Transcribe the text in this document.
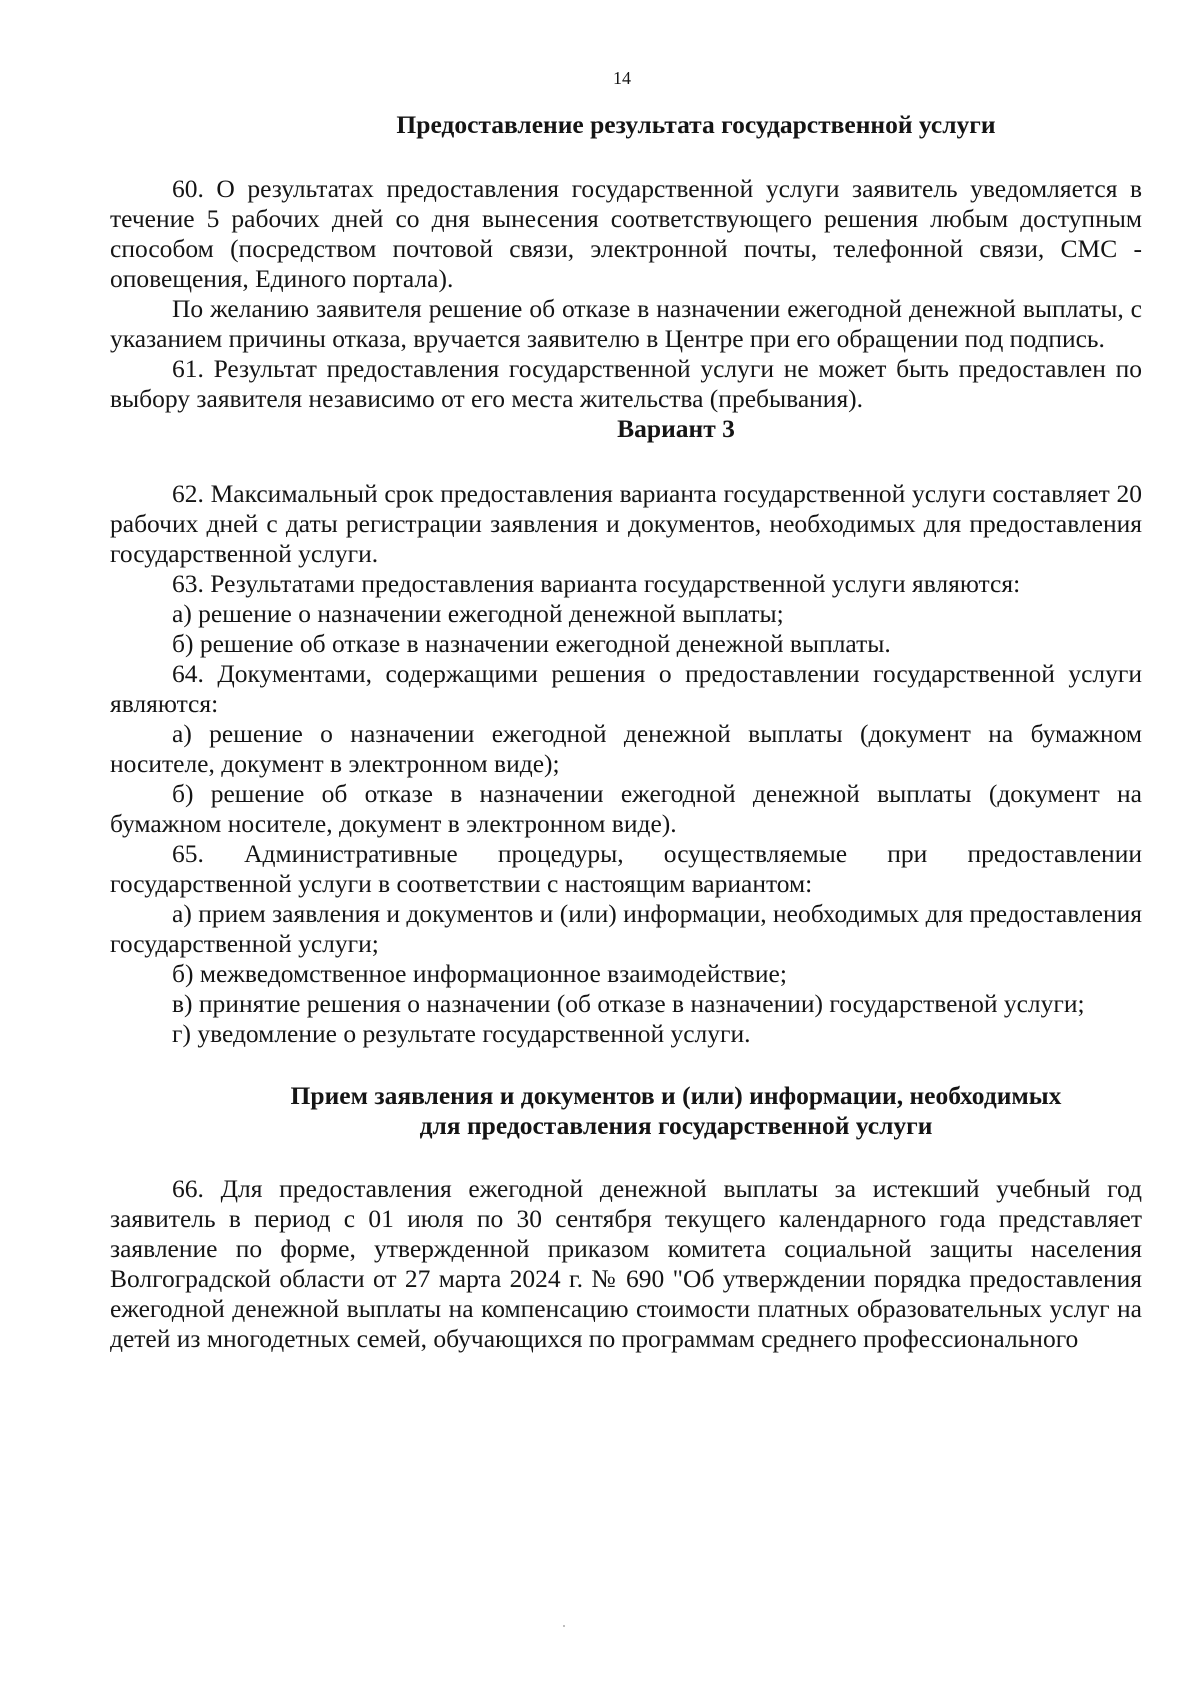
14
Предоставление результата государственной услуги

60. О результатах предоставления государственной услуги заявитель уведомляется в течение 5 рабочих дней со дня вынесения соответствующего решения любым доступным способом (посредством почтовой связи, электронной почты, телефонной связи, СМС - оповещения, Единого портала).

По желанию заявителя решение об отказе в назначении ежегодной денежной выплаты, с указанием причины отказа, вручается заявителю в Центре при его обращении под подпись.

61. Результат предоставления государственной услуги не может быть предоставлен по выбору заявителя независимо от его места жительства (пребывания).

Вариант 3

62. Максимальный срок предоставления варианта государственной услуги составляет 20 рабочих дней с даты регистрации заявления и документов, необходимых для предоставления государственной услуги.

63. Результатами предоставления варианта государственной услуги являются:

а) решение о назначении ежегодной денежной выплаты;

б) решение об отказе в назначении ежегодной денежной выплаты.

64. Документами, содержащими решения о предоставлении государственной услуги являются:

а) решение о назначении ежегодной денежной выплаты (документ на бумажном носителе, документ в электронном виде);

б) решение об отказе в назначении ежегодной денежной выплаты (документ на бумажном носителе, документ в электронном виде).

65. Административные процедуры, осуществляемые при предоставлении государственной услуги в соответствии с настоящим вариантом:

а) прием заявления и документов и (или) информации, необходимых для предоставления государственной услуги;

б) межведомственное информационное взаимодействие;

в) принятие решения о назначении (об отказе в назначении) государственой услуги;

г) уведомление о результате государственной услуги.

Прием заявления и документов и (или) информации, необходимых
для предоставления государственной услуги

66. Для предоставления ежегодной денежной выплаты за истекший учебный год заявитель в период с 01 июля по 30 сентября текущего календарного года представляет заявление по форме, утвержденной приказом комитета социальной защиты населения Волгоградской области от 27 марта 2024 г. № 690 "Об утверждении порядка предоставления ежегодной денежной выплаты на компенсацию стоимости платных образовательных услуг на детей из многодетных семей, обучающихся по программам среднего профессионального
